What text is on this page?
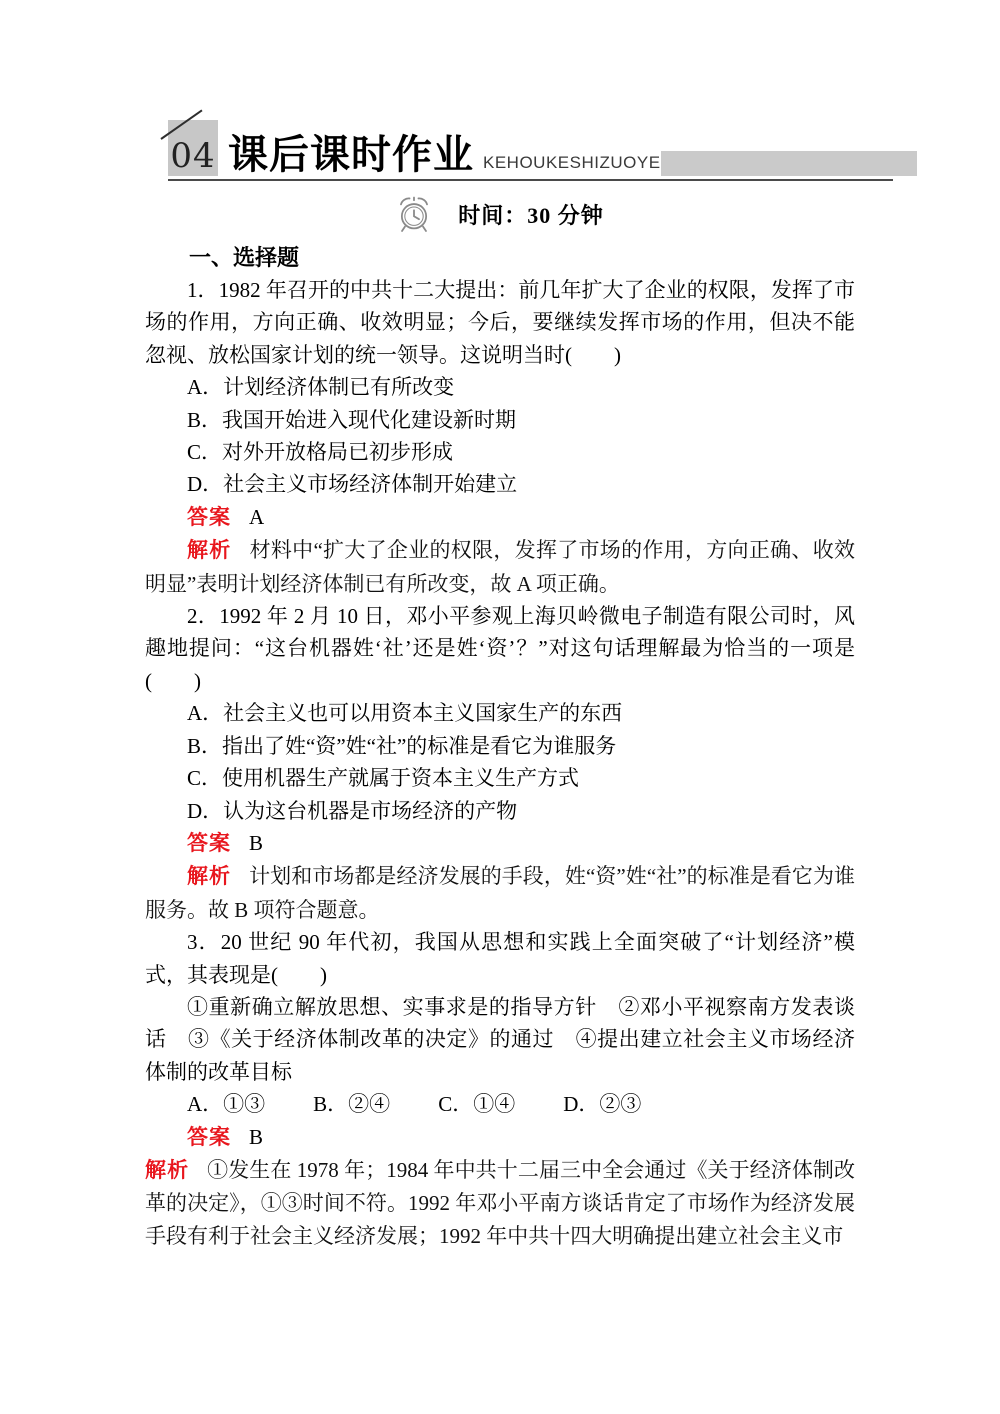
04 课后课时作业 KEHOUKESHIZUOYE
时间：30 分钟
一、选择题

1．1982 年召开的中共十二大提出：前几年扩大了企业的权限，发挥了市场的作用，方向正确、收效明显；今后，要继续发挥市场的作用，但决不能忽视、放松国家计划的统一领导。这说明当时(　　)

A．计划经济体制已有所改变

B．我国开始进入现代化建设新时期

C．对外开放格局已初步形成

D．社会主义市场经济体制开始建立

答案 A

解析 材料中“扩大了企业的权限，发挥了市场的作用，方向正确、收效明显”表明计划经济体制已有所改变，故 A 项正确。

2．1992 年 2 月 10 日，邓小平参观上海贝岭微电子制造有限公司时，风趣地提问：“这台机器姓‘社’还是姓‘资’？”对这句话理解最为恰当的一项是(　　)

A．社会主义也可以用资本主义国家生产的东西

B．指出了姓“资”姓“社”的标准是看它为谁服务

C．使用机器生产就属于资本主义生产方式

D．认为这台机器是市场经济的产物

答案 B

解析 计划和市场都是经济发展的手段，姓“资”姓“社”的标准是看它为谁服务。故 B 项符合题意。

3．20 世纪 90 年代初，我国从思想和实践上全面突破了“计划经济”模式，其表现是(　　)

①重新确立解放思想、实事求是的指导方针　②邓小平视察南方发表谈话　③《关于经济体制改革的决定》的通过　④提出建立社会主义市场经济体制的改革目标

A．①③ B．②④ C．①④ D．②③

答案 B

解析 ①发生在 1978 年；1984 年中共十二届三中全会通过《关于经济体制改革的决定》，①③时间不符。1992 年邓小平南方谈话肯定了市场作为经济发展手段有利于社会主义经济发展；1992 年中共十四大明确提出建立社会主义市
